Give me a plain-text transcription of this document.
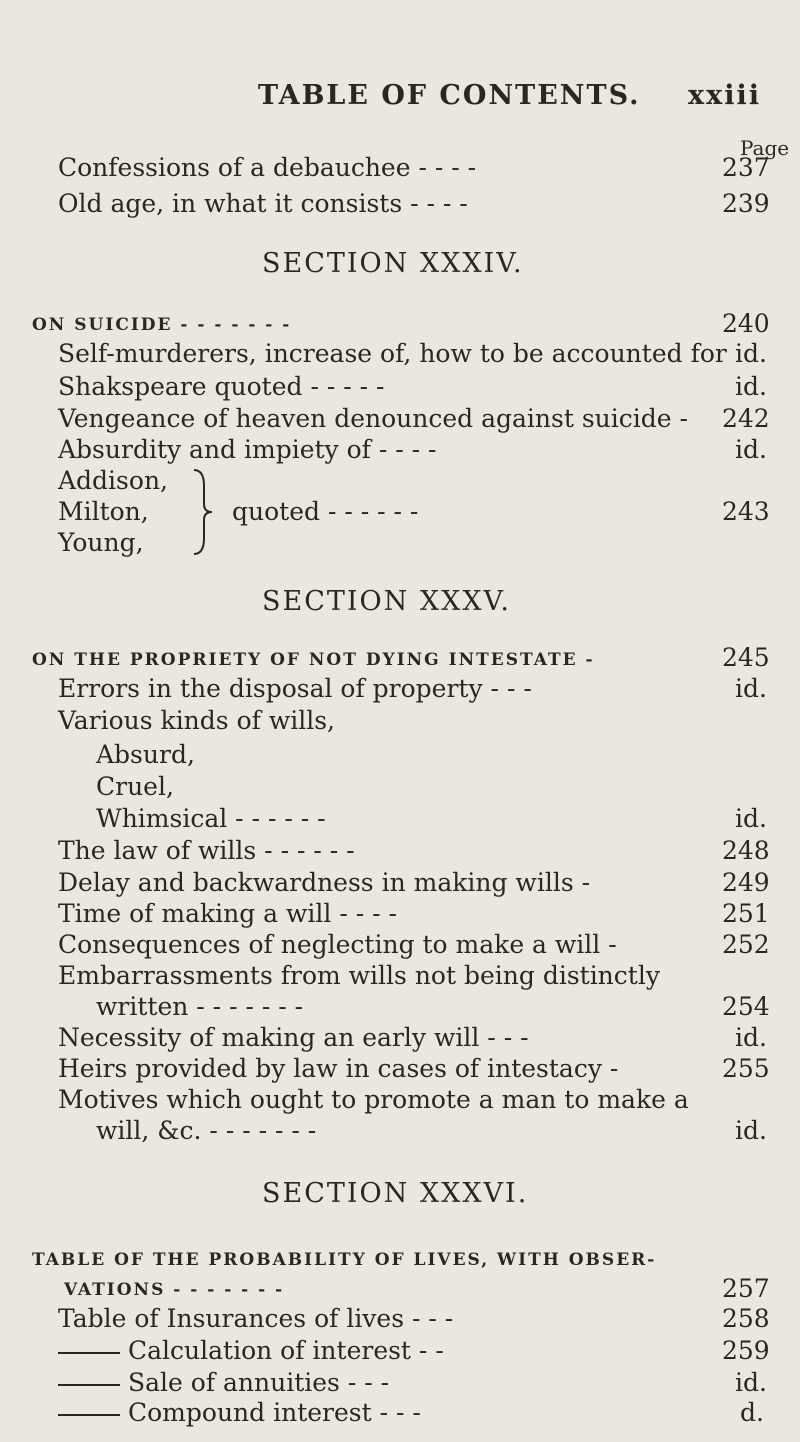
TABLE OF CONTENTS. xxiii
Page
Confessions of a debauchee - - - -	237
Old age, in what it consists - - - -	239
SECTION XXXIV.
ON SUICIDE - - - - - - -	240
Self-murderers, increase of, how to be accounted for id.
Shakspeare quoted - - - - -	id.
Vengeance of heaven denounced against suicide - 242
Absurdity and impiety of - - - -	id.
Addison,
Milton,
Young,
quoted - - - - - -	243
SECTION XXXV.
ON THE PROPRIETY OF NOT DYING INTESTATE -	245
Errors in the disposal of property - - -	id.
Various kinds of wills,
Absurd,
Cruel,
Whimsical - - - - - -	id.
The law of wills - - - - - -	248
Delay and backwardness in making wills -	249
Time of making a will - - - -	251
Consequences of neglecting to make a will -	252
Embarrassments from wills not being distinctly
written - - - - - - -	254
Necessity of making an early will - - -	id.
Heirs provided by law in cases of intestacy -	255
Motives which ought to promote a man to make a
will, &c. - - - - - - -	id.
SECTION XXXVI.
TABLE OF THE PROBABILITY OF LIVES, WITH OBSER-
VATIONS - - - - - - -	257
Table of Insurances of lives - - -	258
Calculation of interest - -	259
Sale of annuities - - -	id.
Compound interest - - -	d.
